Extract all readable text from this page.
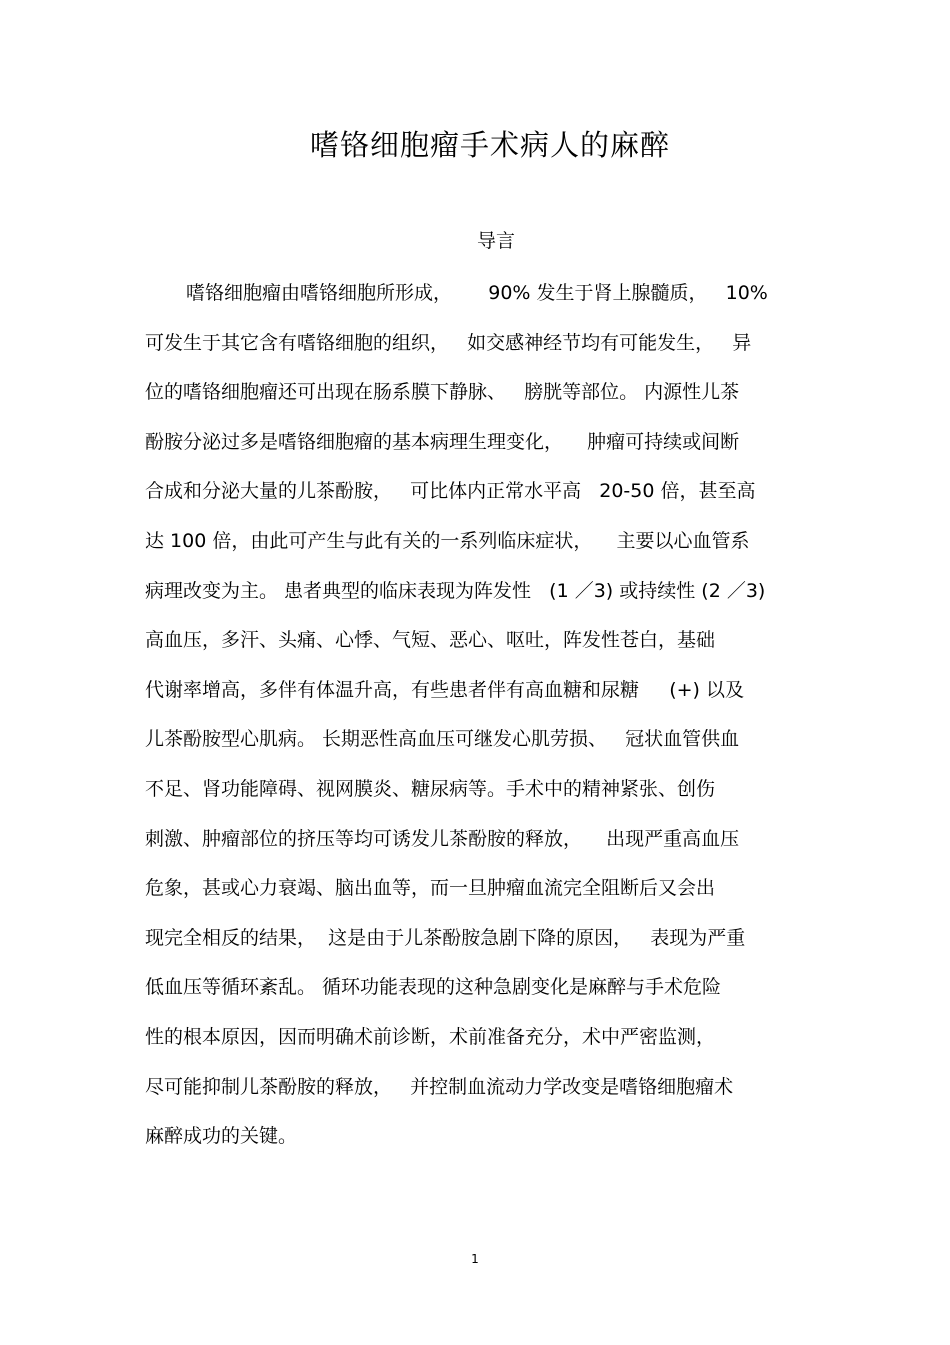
嗜铬细胞瘤手术病人的麻醉
导言
嗜铬细胞瘤由嗜铬细胞所形成，      90% 发生于肾上腺髓质，   10%
可发生于其它含有嗜铬细胞的组织，   如交感神经节均有可能发生，   异
位的嗜铬细胞瘤还可出现在肠系膜下静脉、   膀胱等部位。 内源性儿茶
酚胺分泌过多是嗜铬细胞瘤的基本病理生理变化，    肿瘤可持续或间断
合成和分泌大量的儿茶酚胺，   可比体内正常水平高   20-50 倍，甚至高
达 100 倍，由此可产生与此有关的一系列临床症状，    主要以心血管系
病理改变为主。 患者典型的临床表现为阵发性   (1 ／3) 或持续性 (2 ／3)
高血压，多汗、头痛、心悸、气短、恶心、呕吐，阵发性苍白，基础
代谢率增高，多伴有体温升高，有些患者伴有高血糖和尿糖     (+) 以及
儿茶酚胺型心肌病。 长期恶性高血压可继发心肌劳损、   冠状血管供血
不足、肾功能障碍、视网膜炎、糖尿病等。手术中的精神紧张、创伤
刺激、肿瘤部位的挤压等均可诱发儿茶酚胺的释放，    出现严重高血压
危象，甚或心力衰竭、脑出血等，而一旦肿瘤血流完全阻断后又会出
现完全相反的结果，  这是由于儿茶酚胺急剧下降的原因，   表现为严重
低血压等循环紊乱。 循环功能表现的这种急剧变化是麻醉与手术危险
性的根本原因，因而明确术前诊断，术前准备充分，术中严密监测，
尽可能抑制儿茶酚胺的释放，   并控制血流动力学改变是嗜铬细胞瘤术
麻醉成功的关键。
1
